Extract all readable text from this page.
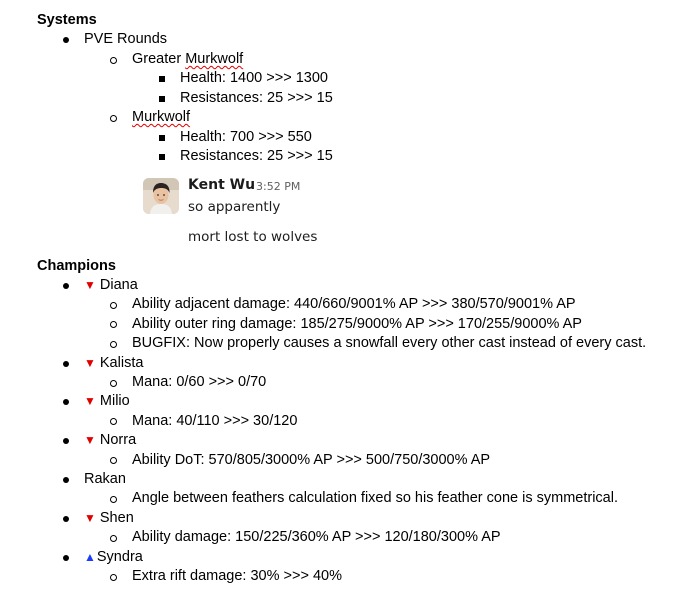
Systems
PVE Rounds
Greater Murkwolf
Health: 1400 >>> 1300
Resistances: 25 >>> 15
Murkwolf
Health: 700 >>> 550
Resistances: 25 >>> 15
Kent Wu 3:52 PM
so apparently
mort lost to wolves
Champions
▼ Diana
Ability adjacent damage: 440/660/9001% AP >>> 380/570/9001% AP
Ability outer ring damage: 185/275/9000% AP >>> 170/255/9000% AP
BUGFIX: Now properly causes a snowfall every other cast instead of every cast.
▼ Kalista
Mana: 0/60 >>> 0/70
▼ Milio
Mana: 40/110 >>> 30/120
▼ Norra
Ability DoT: 570/805/3000% AP >>> 500/750/3000% AP
Rakan
Angle between feathers calculation fixed so his feather cone is symmetrical.
▼ Shen
Ability damage: 150/225/360% AP >>> 120/180/300% AP
▲Syndra
Extra rift damage: 30% >>> 40%
